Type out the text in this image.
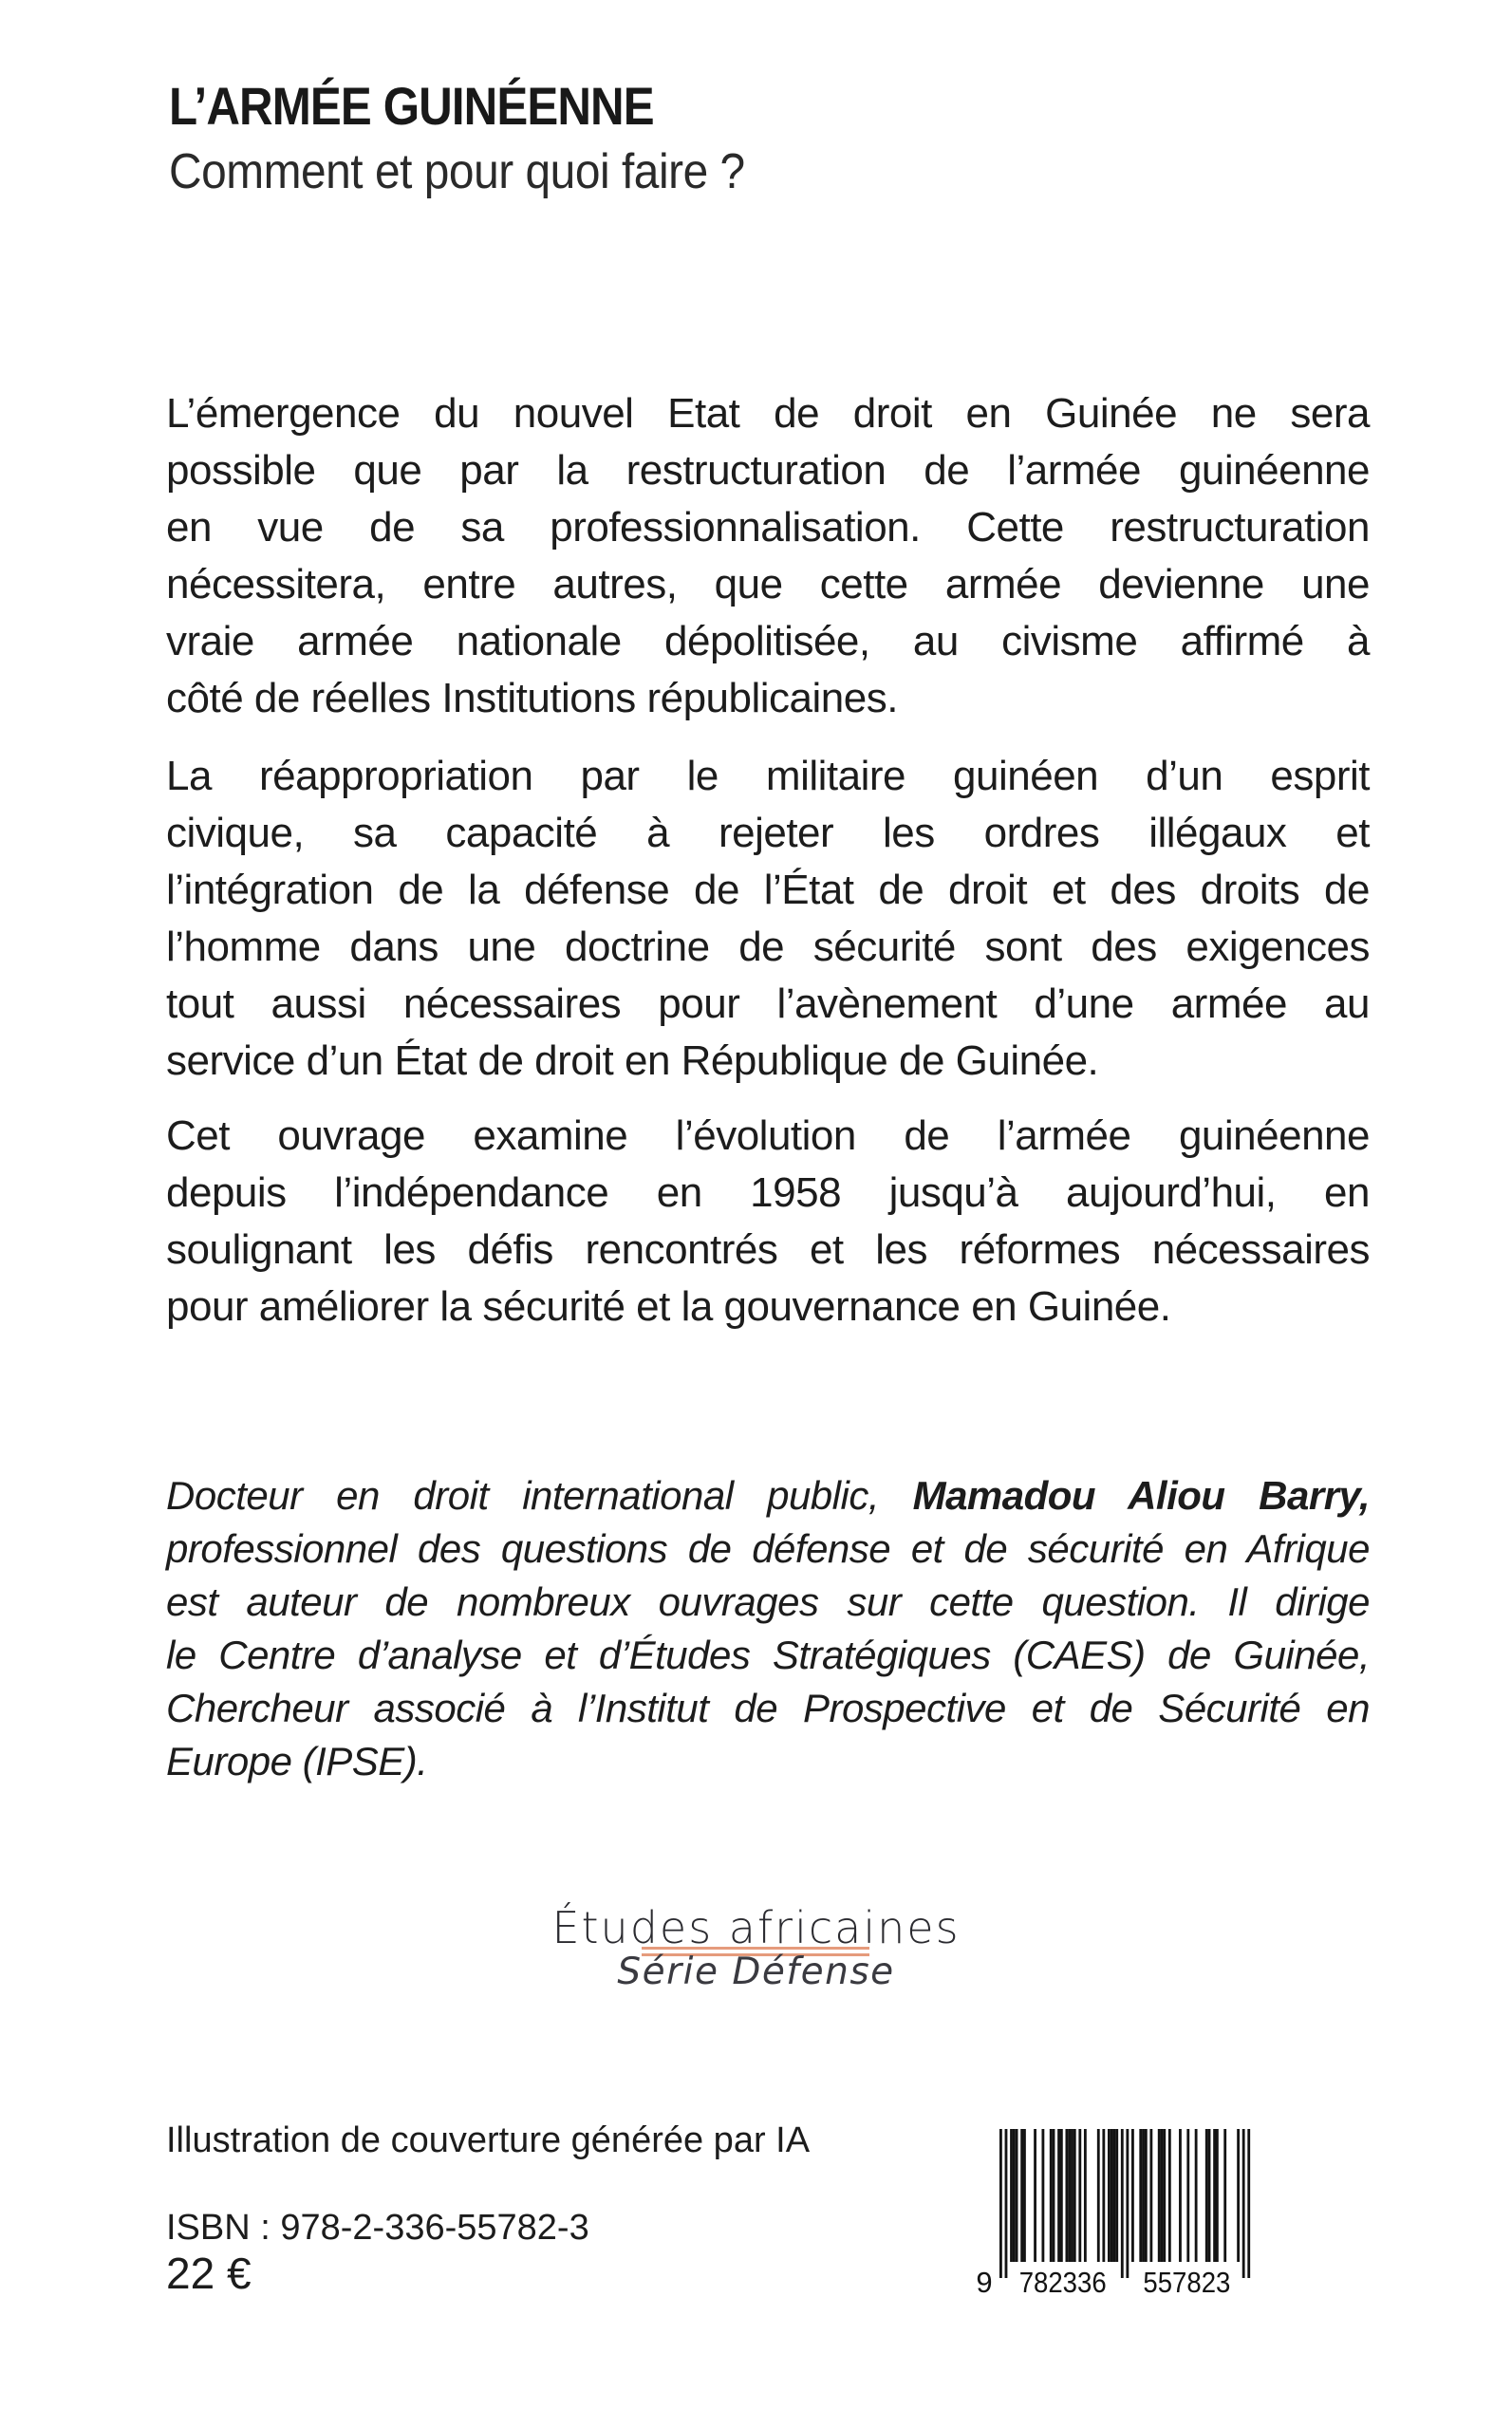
L’ARMÉE GUINÉENNE
Comment et pour quoi faire ?
L’émergence du nouvel Etat de droit en Guinée ne sera
possible que par la restructuration de l’armée guinéenne
en vue de sa professionnalisation. Cette restructuration
nécessitera, entre autres, que cette armée devienne une
vraie armée nationale dépolitisée, au civisme affirmé à
côté de réelles Institutions républicaines.
La réappropriation par le militaire guinéen d’un esprit
civique, sa capacité à rejeter les ordres illégaux et
l’intégration de la défense de l’État de droit et des droits de
l’homme dans une doctrine de sécurité sont des exigences
tout aussi nécessaires pour l’avènement d’une armée au
service d’un État de droit en République de Guinée.
Cet ouvrage examine l’évolution de l’armée guinéenne
depuis l’indépendance en 1958 jusqu’à aujourd’hui, en
soulignant les défis rencontrés et les réformes nécessaires
pour améliorer la sécurité et la gouvernance en Guinée.
Docteur en droit international public, Mamadou Aliou Barry,
professionnel des questions de défense et de sécurité en Afrique
est auteur de nombreux ouvrages sur cette question. Il dirige
le Centre d’analyse et d’Études Stratégiques (CAES) de Guinée,
Chercheur associé à l’Institut de Prospective et de Sécurité en
Europe (IPSE).
Études africaines
Série Défense
Illustration de couverture générée par IA
ISBN : 978-2-336-55782-3
22 €	9 782336 557823
